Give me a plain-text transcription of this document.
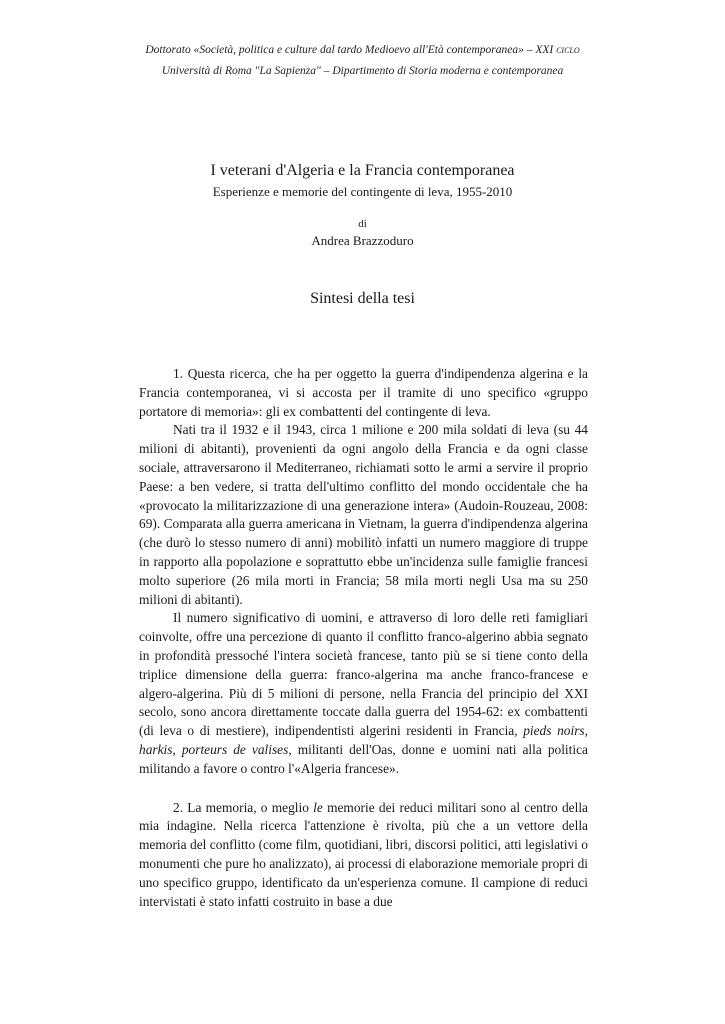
Dottorato «Società, politica e culture dal tardo Medioevo all'Età contemporanea» – XXI ciclo
Università di Roma "La Sapienza" – Dipartimento di Storia moderna e contemporanea
I veterani d'Algeria e la Francia contemporanea
Esperienze e memorie del contingente di leva, 1955-2010
di
Andrea Brazzoduro
Sintesi della tesi

1. Questa ricerca, che ha per oggetto la guerra d'indipendenza algerina e la Francia contemporanea, vi si accosta per il tramite di uno specifico «gruppo portatore di memoria»: gli ex combattenti del contingente di leva.

Nati tra il 1932 e il 1943, circa 1 milione e 200 mila soldati di leva (su 44 milioni di abitanti), provenienti da ogni angolo della Francia e da ogni classe sociale, attraversarono il Mediterraneo, richiamati sotto le armi a servire il proprio Paese: a ben vedere, si tratta dell'ultimo conflitto del mondo occidentale che ha «provocato la militarizzazione di una generazione intera» (Audoin-Rouzeau, 2008: 69). Comparata alla guerra americana in Vietnam, la guerra d'indipendenza algerina (che durò lo stesso numero di anni) mobilitò infatti un numero maggiore di truppe in rapporto alla popolazione e soprattutto ebbe un'incidenza sulle famiglie francesi molto superiore (26 mila morti in Francia; 58 mila morti negli Usa ma su 250 milioni di abitanti).

Il numero significativo di uomini, e attraverso di loro delle reti famigliari coinvolte, offre una percezione di quanto il conflitto franco-algerino abbia segnato in profondità pressoché l'intera società francese, tanto più se si tiene conto della triplice dimensione della guerra: franco-algerina ma anche franco-francese e algero-algerina. Più di 5 milioni di persone, nella Francia del principio del XXI secolo, sono ancora direttamente toccate dalla guerra del 1954-62: ex combattenti (di leva o di mestiere), indipendentisti algerini residenti in Francia, pieds noirs, harkis, porteurs de valises, militanti dell'Oas, donne e uomini nati alla politica militando a favore o contro l'«Algeria francese».

2. La memoria, o meglio le memorie dei reduci militari sono al centro della mia indagine. Nella ricerca l'attenzione è rivolta, più che a un vettore della memoria del conflitto (come film, quotidiani, libri, discorsi politici, atti legislativi o monumenti che pure ho analizzato), ai processi di elaborazione memoriale propri di uno specifico gruppo, identificato da un'esperienza comune. Il campione di reduci intervistati è stato infatti costruito in base a due
